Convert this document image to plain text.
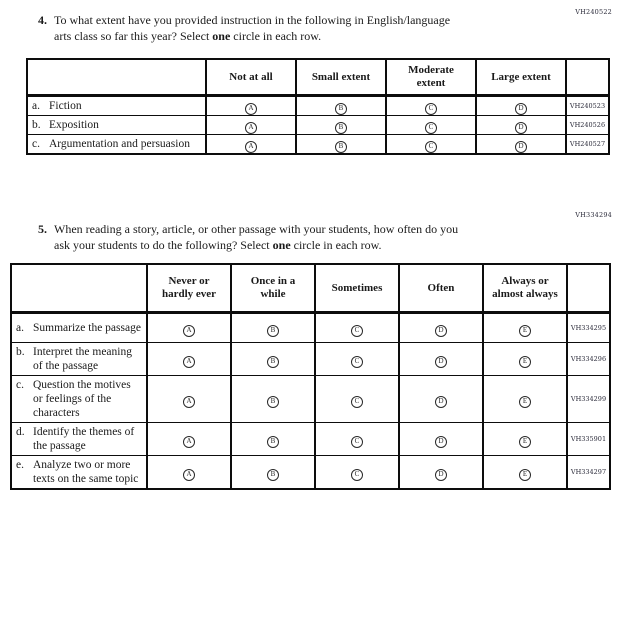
VH240522
4. To what extent have you provided instruction in the following in English/language
arts class so far this year? Select one circle in each row.
	Not at all	Small extent	Moderate extent	Large extent	

a. Fiction	A	B	C	D	VH240523

b. Exposition	A	B	C	D	VH240526

c. Argumentation and persuasion	A	B	C	D	VH240527
VH334294
5. When reading a story, article, or other passage with your students, how often do you
ask your students to do the following? Select one circle in each row.
	Never or hardly ever	Once in a while	Sometimes	Often	Always or almost always	

a. Summarize the passage	A	B	C	D	E	VH334295

b. Interpret the meaning of the passage	A	B	C	D	E	VH334296

c. Question the motives or feelings of the characters	A	B	C	D	E	VH334299

d. Identify the themes of the passage	A	B	C	D	E	VH335901

e. Analyze two or more texts on the same topic	A	B	C	D	E	VH334297
